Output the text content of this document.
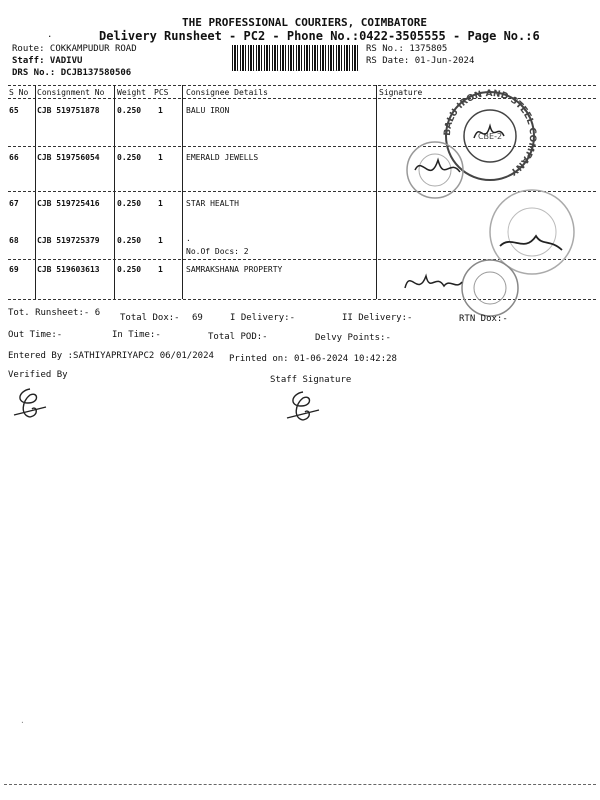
THE PROFESSIONAL COURIERS, COIMBATORE
Delivery Runsheet - PC2 - Phone No.:0422-3505555 - Page No.:6
.
Route: COKKAMPUDUR ROAD
Staff: VADIVU
DRS No.: DCJB137580506
RS No.: 1375805
RS Date: 01-Jun-2024
S No Consignment No Weight PCS Consignee Details	Signature
65 CJB 519751878 0.250 1	BALU IRON
66 CJB 519756054 0.250 1	EMERALD JEWELLS
67 CJB 519725416 0.250 1	STAR HEALTH
68 CJB 519725379 0.250 1	.
No.Of Docs: 2
69 CJB 519603613 0.250 1	SAMRAKSHANA PROPERTY
BALU IRON AND STEEL COMPANY
CBE-2
Tot. Runsheet:- 6 Total Dox:- 69	I Delivery:-	II Delivery:-	RTN Dox:-
Out Time:-	In Time:-	Total POD:-	Delvy Points:-
Entered By :SATHIYAPRIYAPC2 06/01/2024 Printed on: 01-06-2024 10:42:28
Verified By	Staff Signature
.
